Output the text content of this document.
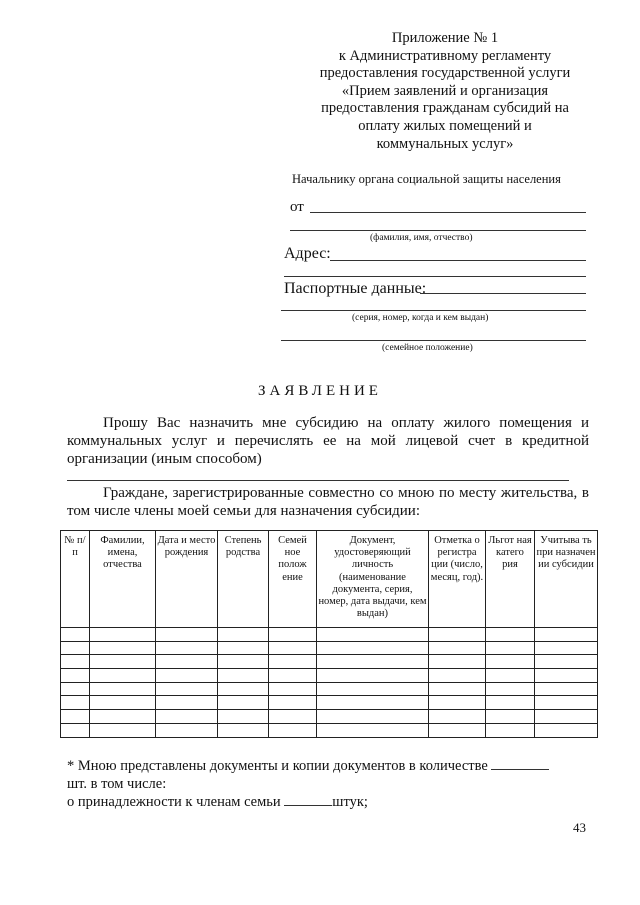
Приложение № 1
к Административному регламенту
предоставления государственной услуги
«Прием заявлений и организация
предоставления гражданам субсидий на
оплату жилых помещений и
коммунальных услуг»
Начальнику органа социальной защиты населения
от
(фамилия, имя, отчество)
Адрес:
Паспортные данные:
(серия, номер, когда и кем выдан)
(семейное положение)
ЗАЯВЛЕНИЕ
Прошу Вас назначить мне субсидию на оплату жилого помещения и коммунальных услуг и перечислять ее на мой лицевой счет в кредитной организации (иным способом)
Граждане, зарегистрированные совместно со мною по месту жительства, в том числе члены моей семьи для назначения субсидии:
№ п/п	Фамилии, имена, отчества	Дата и место рождения	Степень родства	Семей ное полож ение	Документ, удостоверяющий личность (наименование документа, серия, номер, дата выдачи, кем выдан)	Отметка о регистра ции (число, месяц, год).	Льгот ная катего рия	Учитыва ть при назначен ии субсидии

* Мною представлены документы и копии документов в количестве
шт. в том числе:
о принадлежности к членам семьи	штук;
43
